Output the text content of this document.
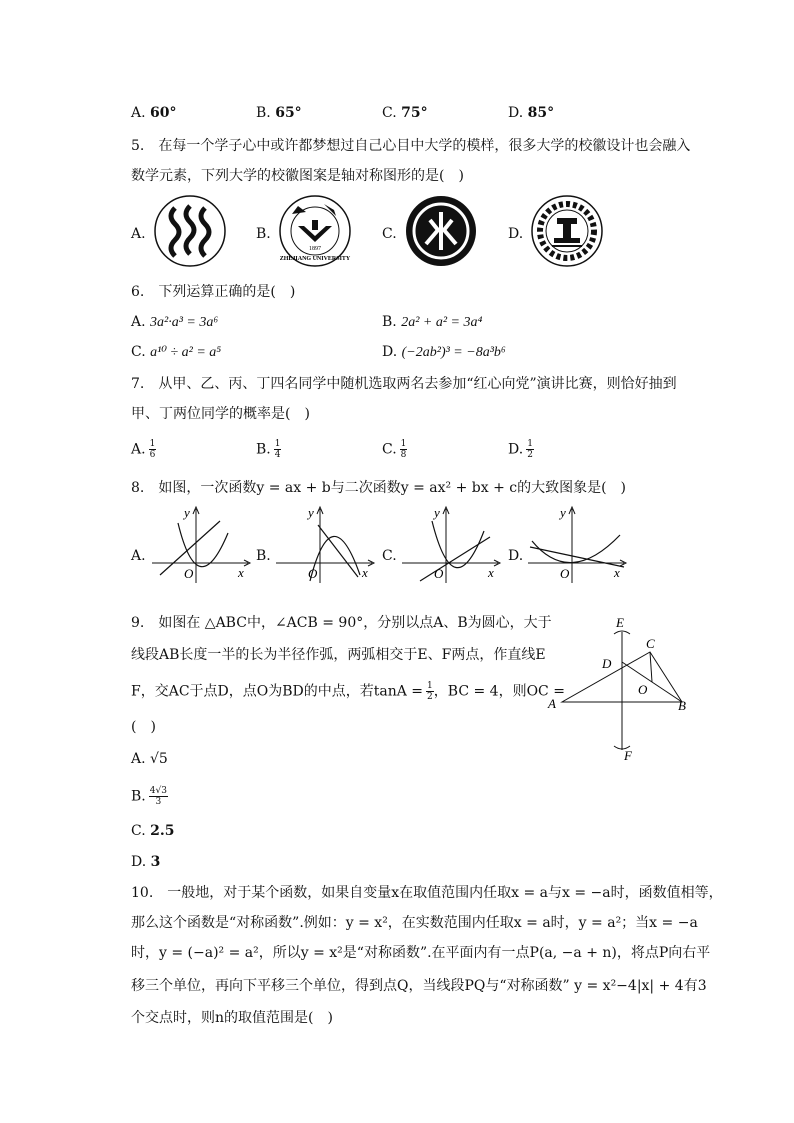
A. 60°	B. 65°	C. 75°	D. 85°
5.　在每一个学子心中或许都梦想过自己心目中大学的模样，很多大学的校徽设计也会融入
数学元素，下列大学的校徽图案是轴对称图形的是(　)
A.	B.
1897
ZHEJIANG UNIVERSITY
C.	D.
6.　下列运算正确的是(　)
A. 3a²·a³ = 3a⁶	B. 2a² + a² = 3a⁴
C. a¹⁰ ÷ a² = a⁵	D. (−2ab²)³ = −8a³b⁶
7.　从甲、乙、丙、丁四名同学中随机选取两名去参加“红心向党”演讲比赛，则恰好抽到
甲、丁两位同学的概率是(　)
A. $\frac{1}{6}$	B. $\frac{1}{4}$	C. $\frac{1}{8}$	D. $\frac{1}{2}$
8.　如图，一次函数y = ax + b与二次函数y = ax² + bx + c的大致图象是(　)
A.
y
x
O
B.
y
x
O
C.
y
x
O
D.
y
x
O
9.　如图在 △ABC中，∠ACB = 90°，分别以点A、B为圆心，大于
线段AB长度一半的长为半径作弧，两弧相交于E、F两点，作直线E
F，交AC于点D，点O为BD的中点，若$\tan A = \frac{1}{2}$ ，BC = 4，则OC =
(　)
E
C
D
O
A	B
F
A. √5
B. $\frac{4√3}{3}$
C. 2.5
D. 3
10.　一般地，对于某个函数，如果自变量x在取值范围内任取x = a与x = −a时，函数值相等，
那么这个函数是“对称函数”.例如：y = x²，在实数范围内任取x = a时，y = a²；当x = −a
时，y = (−a)² = a²，所以y = x²是“对称函数”.在平面内有一点P(a, −a + n)，将点P向右平
移三个单位，再向下平移三个单位，得到点Q，当线段PQ与“对称函数” y = x²−4|x| + 4有3
个交点时，则n的取值范围是(　)
